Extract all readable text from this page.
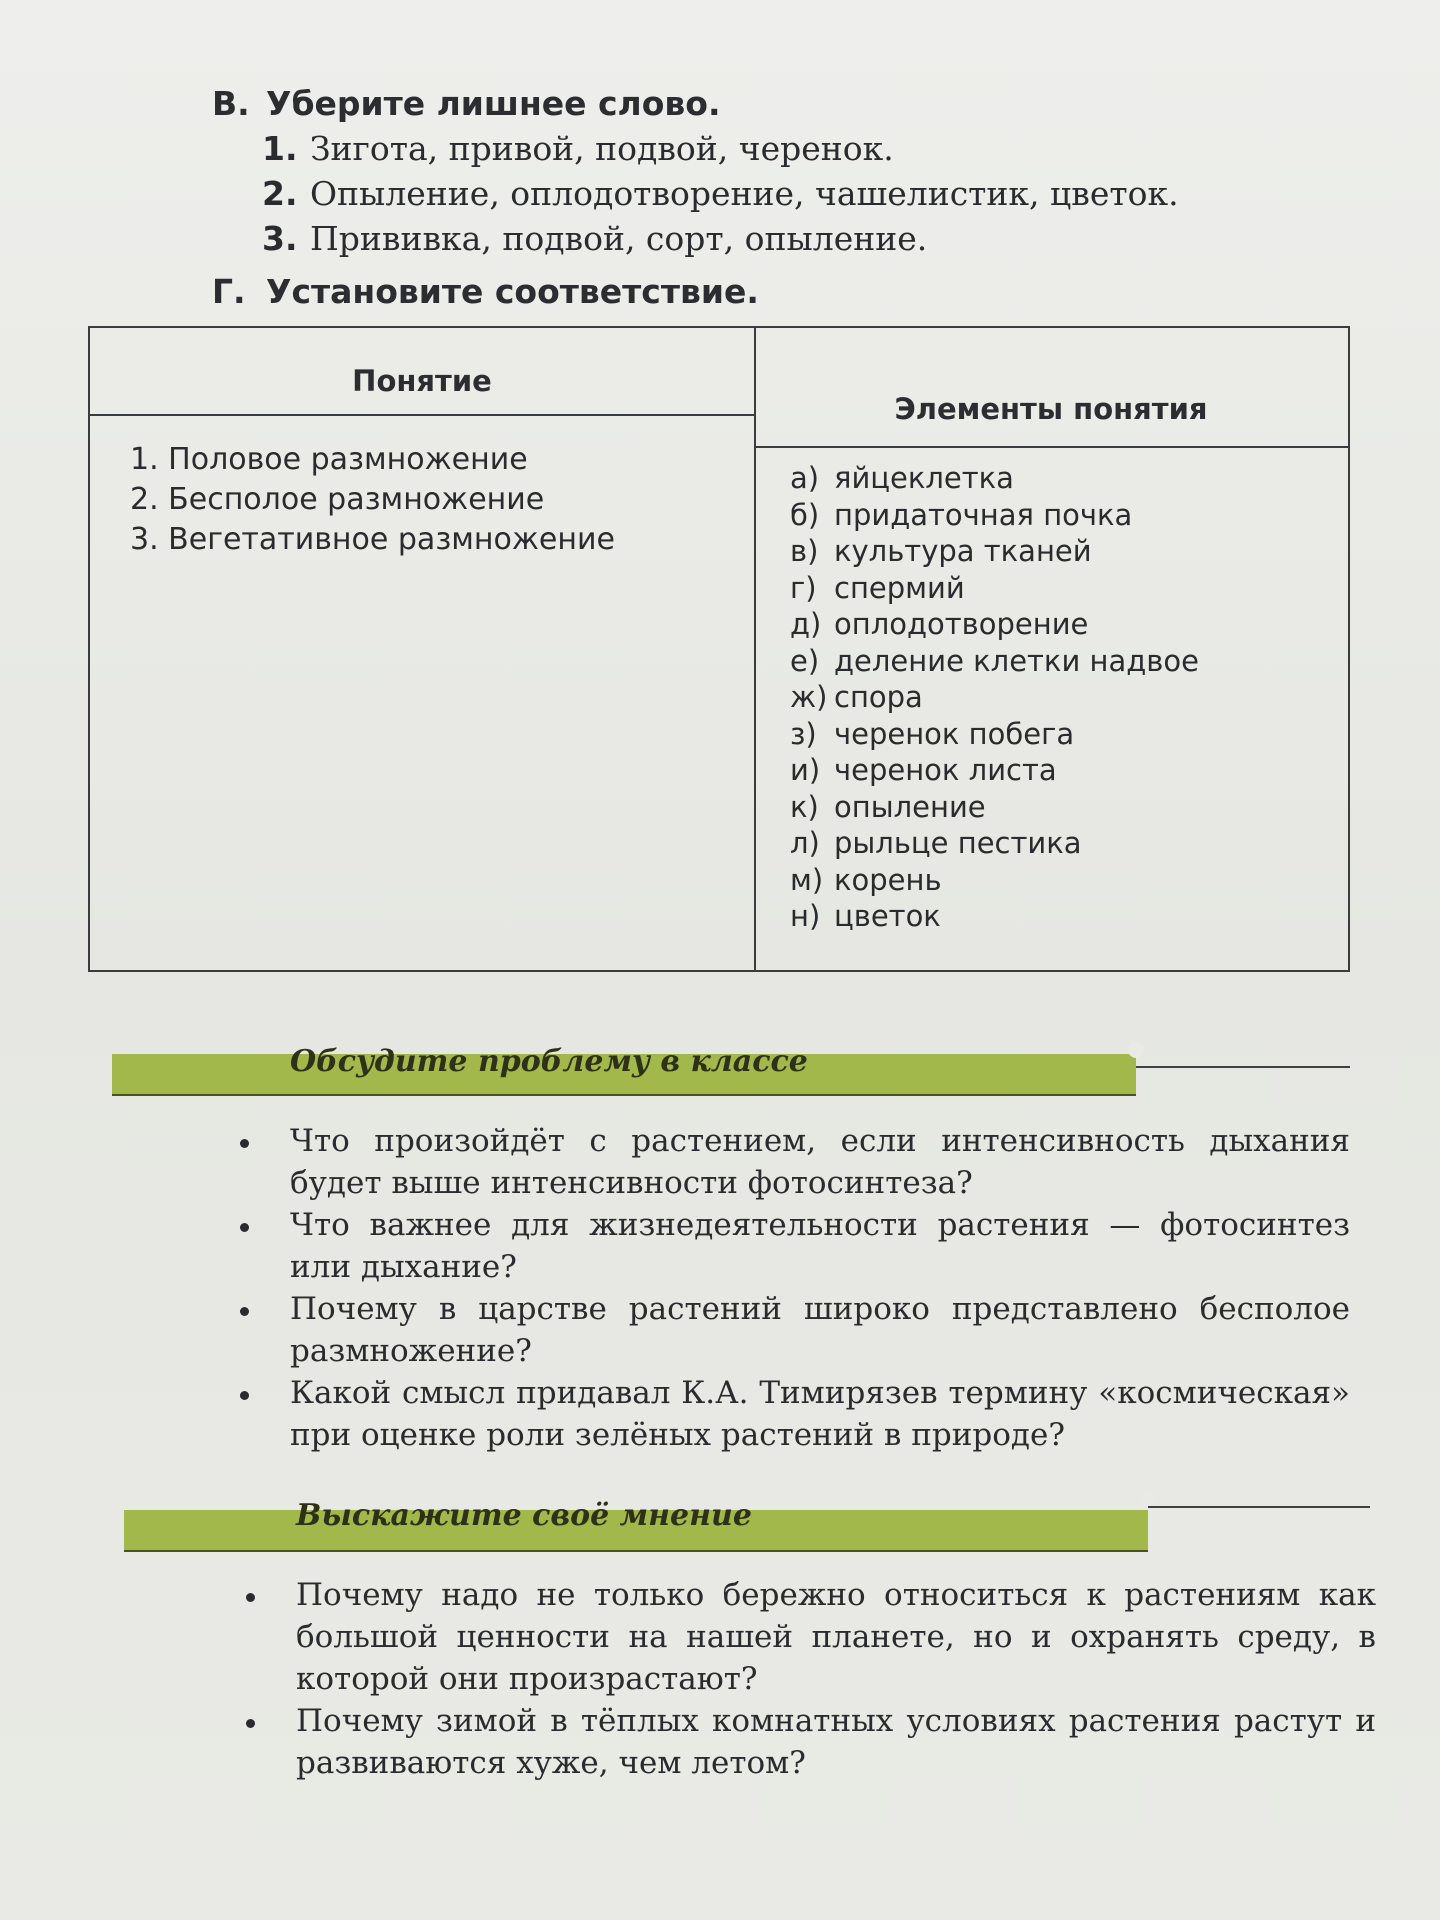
В. Уберите лишнее слово.
1. Зигота, привой, подвой, черенок.
2. Опыление, оплодотворение, чашелистик, цветок.
3. Прививка, подвой, сорт, опыление.
Г. Установите соответствие.
Понятие
Элементы понятия
1. Половое размножение
2. Бесполое размножение
3. Вегетативное размножение
а) яйцеклетка
б) придаточная почка
в) культура тканей
г) спермий
д) оплодотворение
е) деление клетки надвое
ж) спора
з) черенок побега
и) черенок листа
к) опыление
л) рыльце пестика
м) корень
н) цветок
Обсудите проблему в классе
Что произойдёт с растением, если интенсивность дыхания будет выше интенсивности фотосинтеза?
Что важнее для жизнедеятельности растения — фотосинтез или дыхание?
Почему в царстве растений широко представлено бесполое размножение?
Какой смысл придавал К.А. Тимирязев термину «космическая» при оценке роли зелёных растений в природе?
Выскажите своё мнение
Почему надо не только бережно относиться к растениям как большой ценности на нашей планете, но и охранять среду, в которой они произрастают?
Почему зимой в тёплых комнатных условиях растения растут и развиваются хуже, чем летом?
